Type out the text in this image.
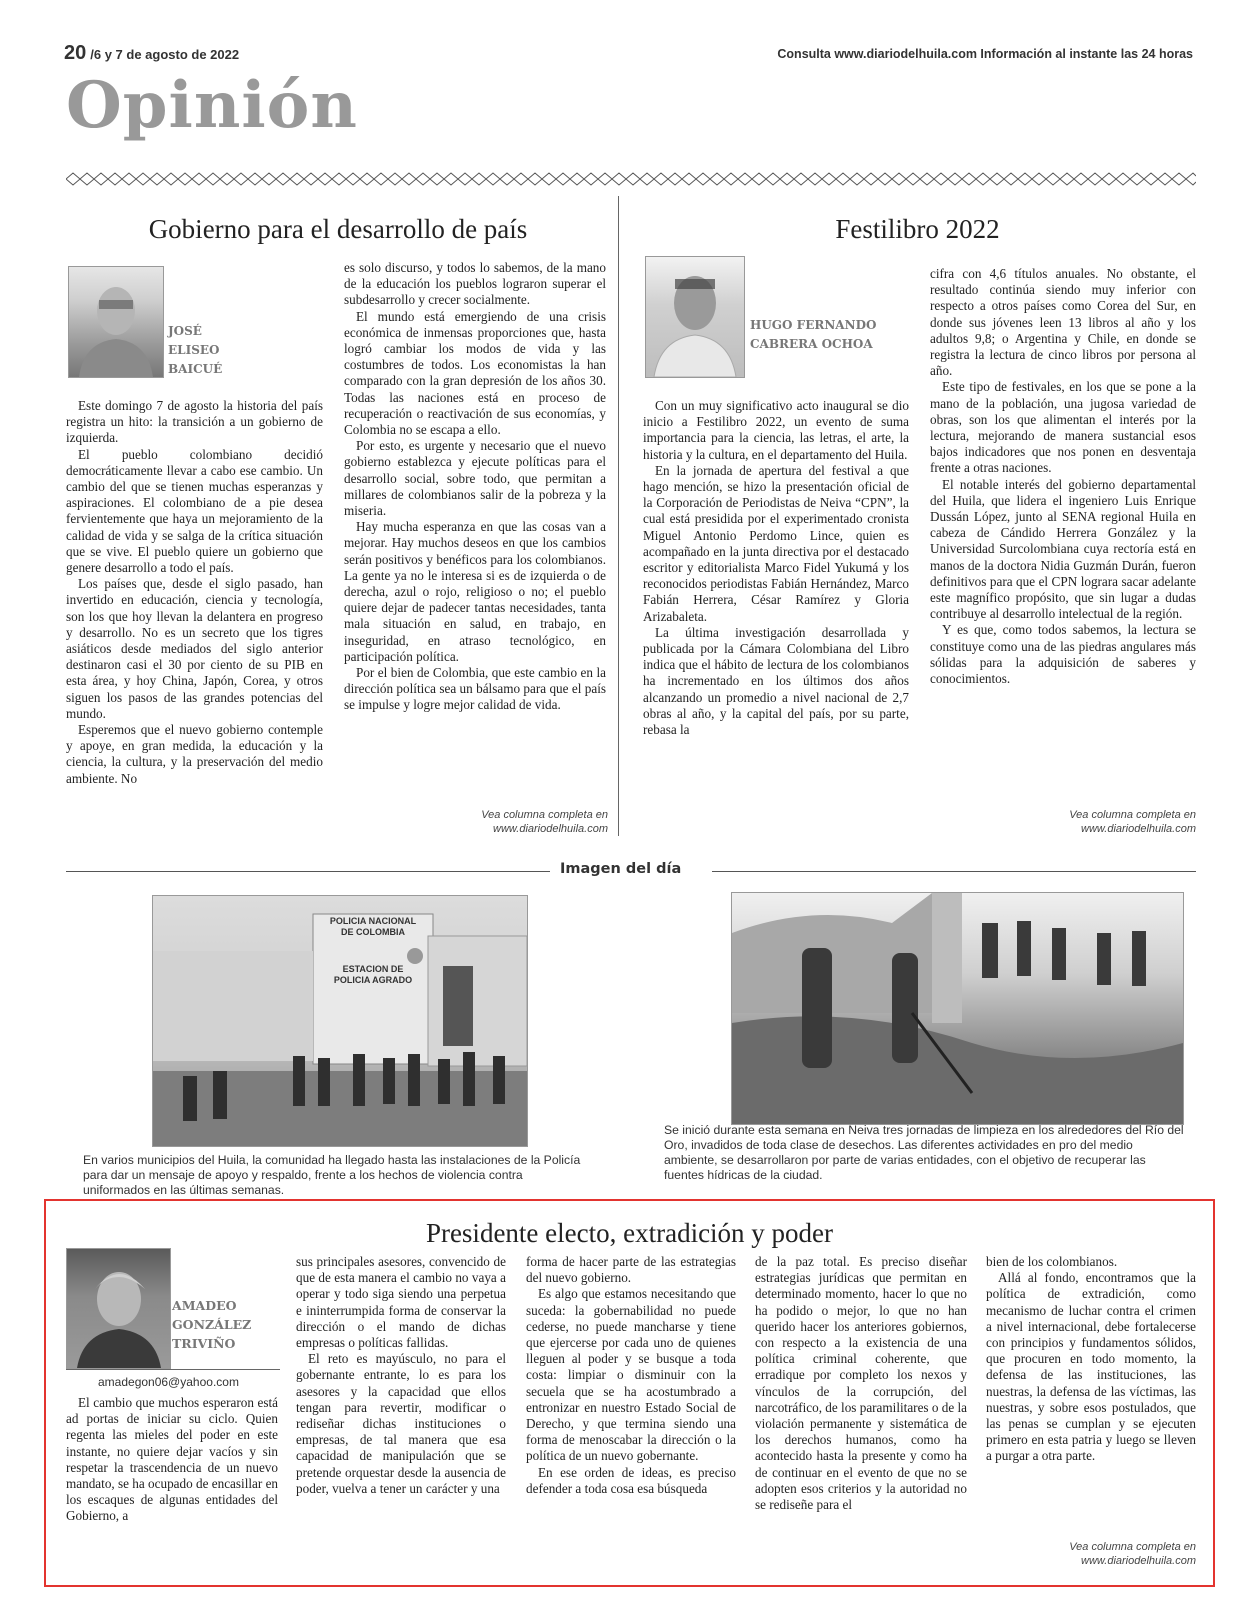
20 /6 y 7 de agosto de 2022	Consulta www.diariodelhuila.com Información al instante las 24 horas
Opinión
Gobierno para el desarrollo de país
JOSÉ
ELISEO
BAICUÉ

Este domingo 7 de agosto la historia del país registra un hito: la transición a un gobierno de izquierda.

El pueblo colombiano decidió democráticamente llevar a cabo ese cambio. Un cambio del que se tienen muchas esperanzas y aspiraciones. El colombiano de a pie desea fervientemente que haya un mejoramiento de la calidad de vida y se salga de la crítica situación que se vive. El pueblo quiere un gobierno que genere desarrollo a todo el país.

Los países que, desde el siglo pasado, han invertido en educación, ciencia y tecnología, son los que hoy llevan la delantera en progreso y desarrollo. No es un secreto que los tigres asiáticos desde mediados del siglo anterior destinaron casi el 30 por ciento de su PIB en esta área, y hoy China, Japón, Corea, y otros siguen los pasos de las grandes potencias del mundo.

Esperemos que el nuevo gobierno contemple y apoye, en gran medida, la educación y la ciencia, la cultura, y la preservación del medio ambiente. No

es solo discurso, y todos lo sabemos, de la mano de la educación los pueblos lograron superar el subdesarrollo y crecer socialmente.

El mundo está emergiendo de una crisis económica de inmensas proporciones que, hasta logró cambiar los modos de vida y las costumbres de todos. Los economistas la han comparado con la gran depresión de los años 30. Todas las naciones está en proceso de recuperación o reactivación de sus economías, y Colombia no se escapa a ello.

Por esto, es urgente y necesario que el nuevo gobierno establezca y ejecute políticas para el desarrollo social, sobre todo, que permitan a millares de colombianos salir de la pobreza y la miseria.

Hay mucha esperanza en que las cosas van a mejorar. Hay muchos deseos en que los cambios serán positivos y benéficos para los colombianos. La gente ya no le interesa si es de izquierda o de derecha, azul o rojo, religioso o no; el pueblo quiere dejar de padecer tantas necesidades, tanta mala situación en salud, en trabajo, en inseguridad, en atraso tecnológico, en participación política.

Por el bien de Colombia, que este cambio en la dirección política sea un bálsamo para que el país se impulse y logre mejor calidad de vida.

Vea columna completa en
www.diariodelhuila.com
Festilibro 2022
HUGO FERNANDO
CABRERA OCHOA

Con un muy significativo acto inaugural se dio inicio a Festilibro 2022, un evento de suma importancia para la ciencia, las letras, el arte, la historia y la cultura, en el departamento del Huila.

En la jornada de apertura del festival a que hago mención, se hizo la presentación oficial de la Corporación de Periodistas de Neiva “CPN”, la cual está presidida por el experimentado cronista Miguel Antonio Perdomo Lince, quien es acompañado en la junta directiva por el destacado escritor y editorialista Marco Fidel Yukumá y los reconocidos periodistas Fabián Hernández, Marco Fabián Herrera, César Ramírez y Gloria Arizabaleta.

La última investigación desarrollada y publicada por la Cámara Colombiana del Libro indica que el hábito de lectura de los colombianos ha incrementado en los últimos dos años alcanzando un promedio a nivel nacional de 2,7 obras al año, y la capital del país, por su parte, rebasa la

cifra con 4,6 títulos anuales. No obstante, el resultado continúa siendo muy inferior con respecto a otros países como Corea del Sur, en donde sus jóvenes leen 13 libros al año y los adultos 9,8; o Argentina y Chile, en donde se registra la lectura de cinco libros por persona al año.

Este tipo de festivales, en los que se pone a la mano de la población, una jugosa variedad de obras, son los que alimentan el interés por la lectura, mejorando de manera sustancial esos bajos indicadores que nos ponen en desventaja frente a otras naciones.

El notable interés del gobierno departamental del Huila, que lidera el ingeniero Luis Enrique Dussán López, junto al SENA regional Huila en cabeza de Cándido Herrera González y la Universidad Surcolombiana cuya rectoría está en manos de la doctora Nidia Guzmán Durán, fueron definitivos para que el CPN lograra sacar adelante este magnífico propósito, que sin lugar a dudas contribuye al desarrollo intelectual de la región.

Y es que, como todos sabemos, la lectura se constituye como una de las piedras angulares más sólidas para la adquisición de saberes y conocimientos.

Vea columna completa en
www.diariodelhuila.com
Imagen del día
POLICIA NACIONAL
DE COLOMBIA
ESTACION DE
POLICIA AGRADO
En varios municipios del Huila, la comunidad ha llegado hasta las instalaciones de la Policía para dar un mensaje de apoyo y respaldo, frente a los hechos de violencia contra uniformados en las últimas semanas.
Se inició durante esta semana en Neiva tres jornadas de limpieza en los alrededores del Río del Oro, invadidos de toda clase de desechos. Las diferentes actividades en pro del medio ambiente, se desarrollaron por parte de varias entidades, con el objetivo de recuperar las fuentes hídricas de la ciudad.
Presidente electo, extradición y poder
AMADEO
GONZÁLEZ
TRIVIÑO
amadegon06@yahoo.com

El cambio que muchos esperaron está ad portas de iniciar su ciclo. Quien regenta las mieles del poder en este instante, no quiere dejar vacíos y sin respetar la trascendencia de un nuevo mandato, se ha ocupado de encasillar en los escaques de algunas entidades del Gobierno, a

sus principales asesores, convencido de que de esta manera el cambio no vaya a operar y todo siga siendo una perpetua e ininterrumpida forma de conservar la dirección o el mando de dichas empresas o políticas fallidas.

El reto es mayúsculo, no para el gobernante entrante, lo es para los asesores y la capacidad que ellos tengan para revertir, modificar o rediseñar dichas instituciones o empresas, de tal manera que esa capacidad de manipulación que se pretende orquestar desde la ausencia de poder, vuelva a tener un carácter y una

forma de hacer parte de las estrategias del nuevo gobierno.

Es algo que estamos necesitando que suceda: la gobernabilidad no puede cederse, no puede mancharse y tiene que ejercerse por cada uno de quienes lleguen al poder y se busque a toda costa: limpiar o disminuir con la secuela que se ha acostumbrado a entronizar en nuestro Estado Social de Derecho, y que termina siendo una forma de menoscabar la dirección o la política de un nuevo gobernante.

En ese orden de ideas, es preciso defender a toda cosa esa búsqueda

de la paz total. Es preciso diseñar estrategias jurídicas que permitan en determinado momento, hacer lo que no ha podido o mejor, lo que no han querido hacer los anteriores gobiernos, con respecto a la existencia de una política criminal coherente, que erradique por completo los nexos y vínculos de la corrupción, del narcotráfico, de los paramilitares o de la violación permanente y sistemática de los derechos humanos, como ha acontecido hasta la presente y como ha de continuar en el evento de que no se adopten esos criterios y la autoridad no se rediseñe para el

bien de los colombianos.

Allá al fondo, encontramos que la política de extradición, como mecanismo de luchar contra el crimen a nivel internacional, debe fortalecerse con principios y fundamentos sólidos, que procuren en todo momento, la defensa de las instituciones, las nuestras, la defensa de las víctimas, las nuestras, y sobre esos postulados, que las penas se cumplan y se ejecuten primero en esta patria y luego se lleven a purgar a otra parte.

Vea columna completa en
www.diariodelhuila.com
